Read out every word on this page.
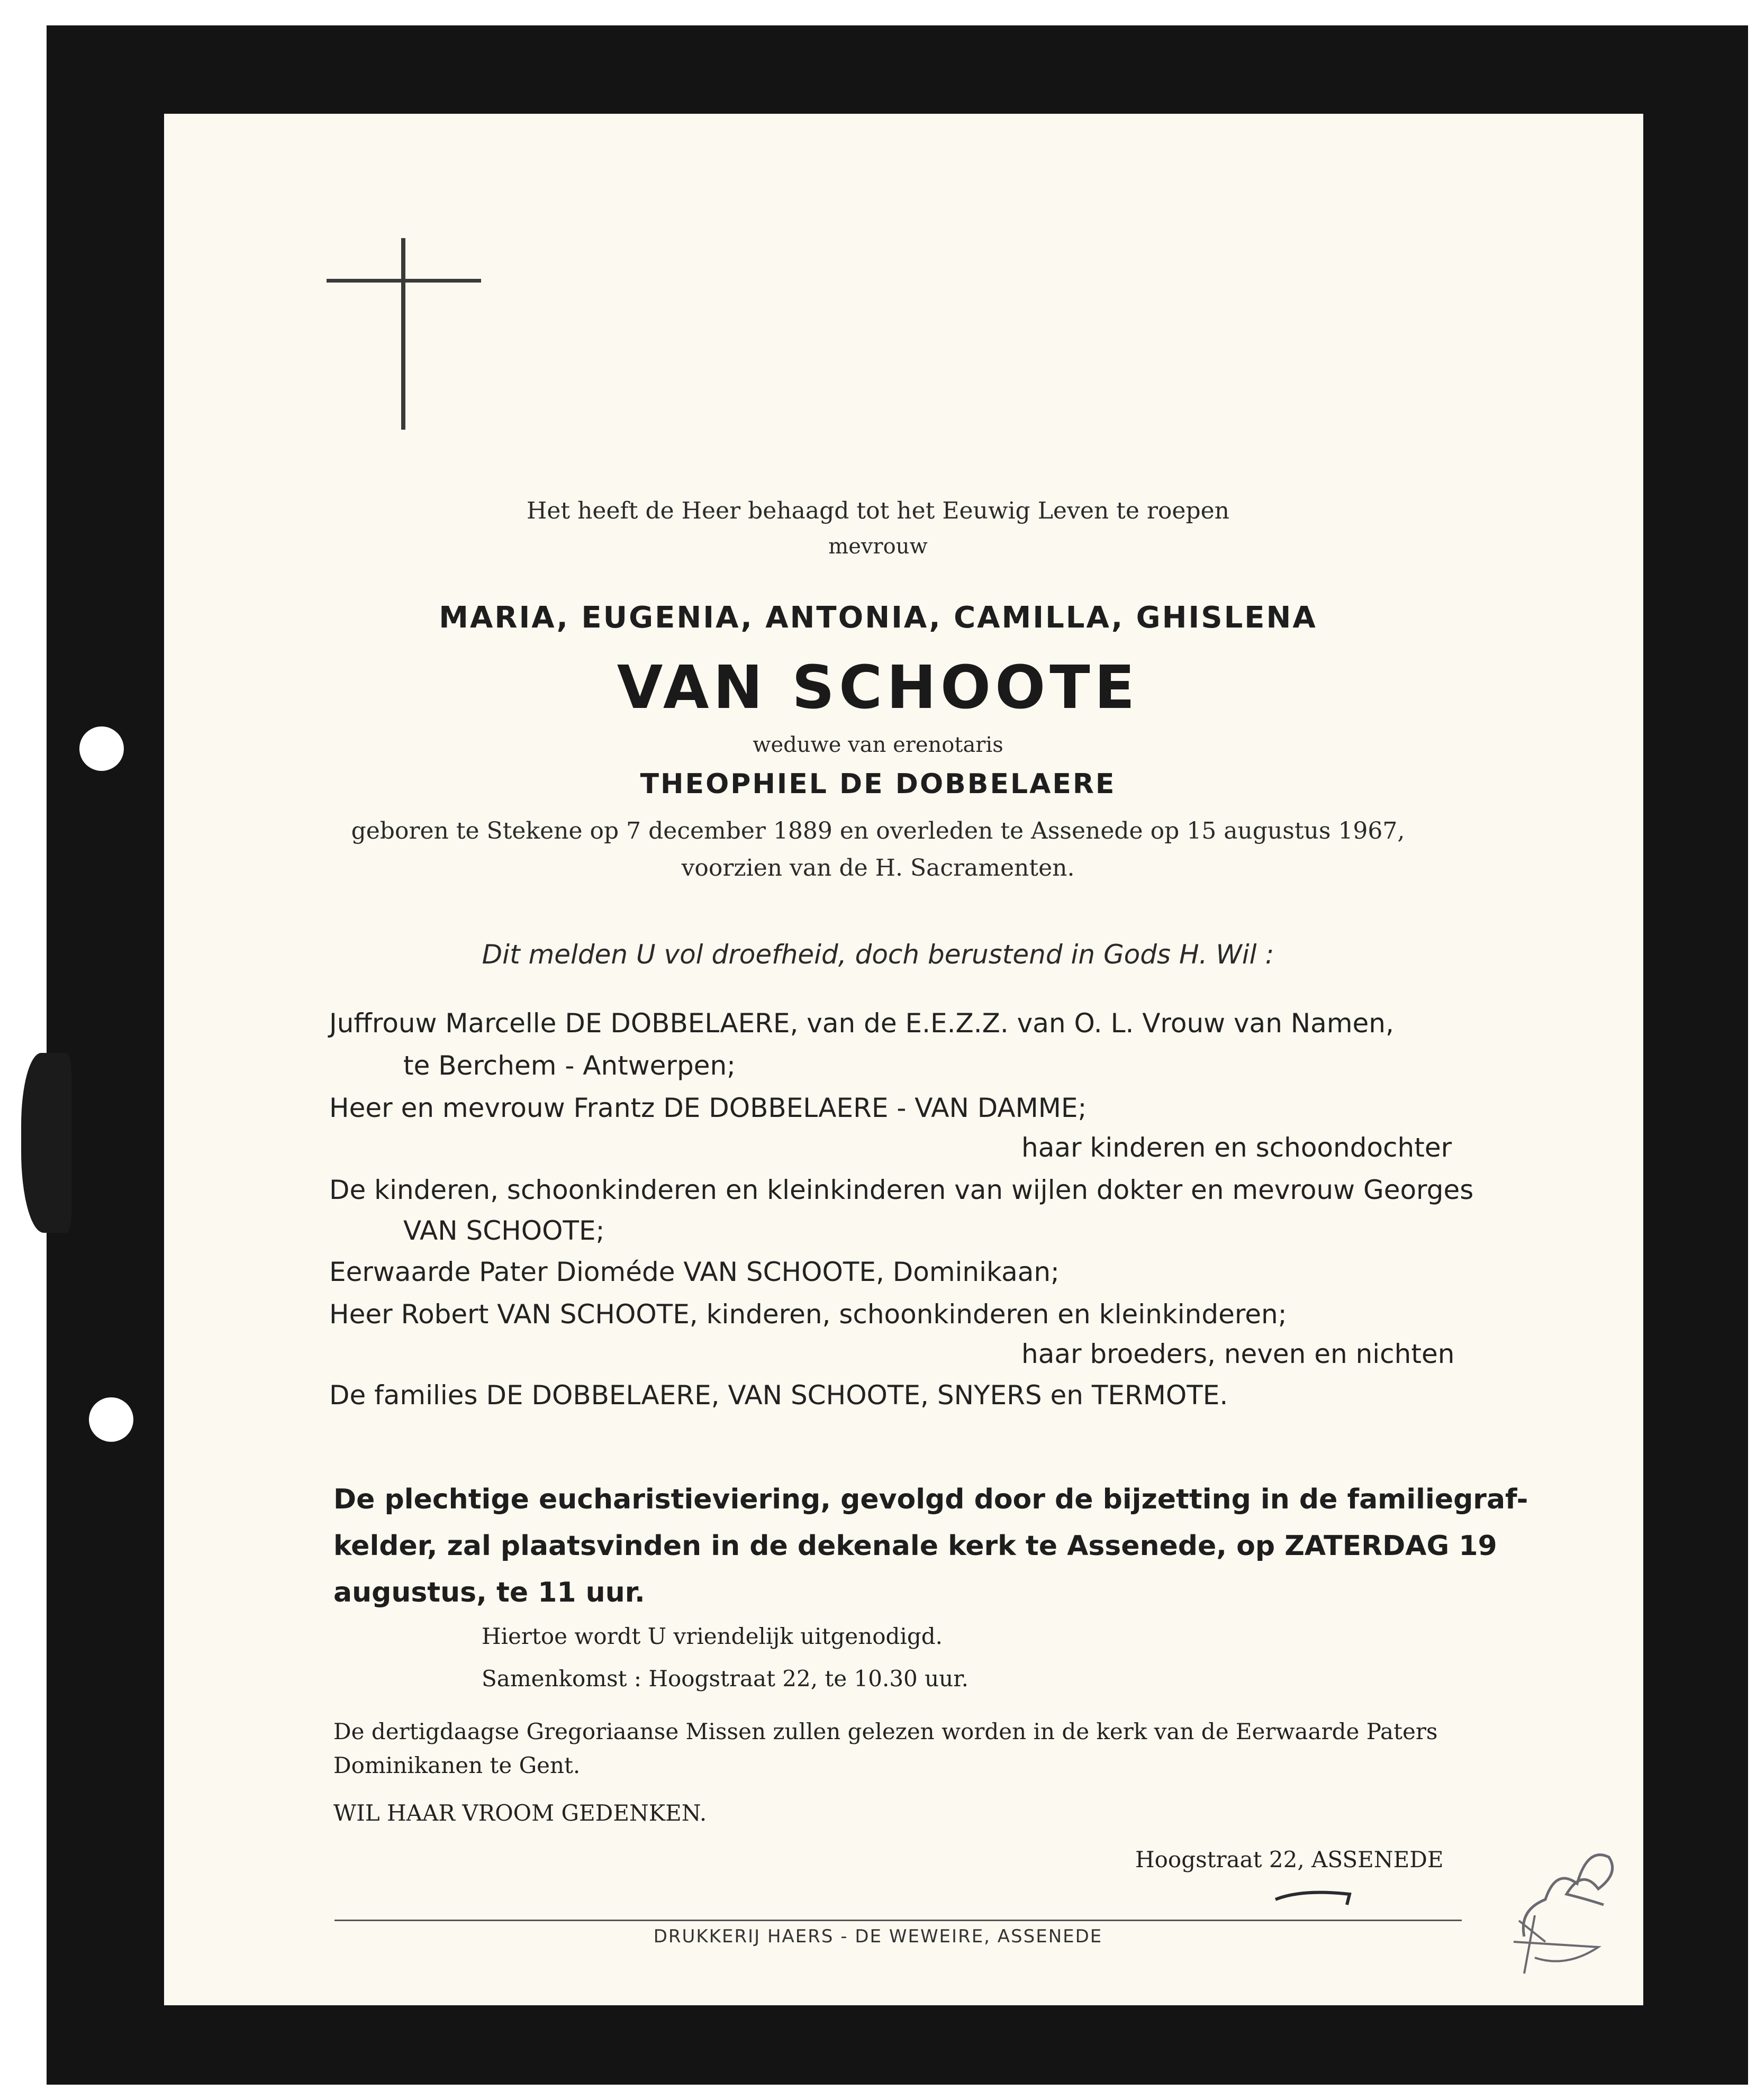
Het heeft de Heer behaagd tot het Eeuwig Leven te roepen
mevrouw
MARIA, EUGENIA, ANTONIA, CAMILLA, GHISLENA
VAN SCHOOTE
weduwe van erenotaris
THEOPHIEL DE DOBBELAERE
geboren te Stekene op 7 december 1889 en overleden te Assenede op 15 augustus 1967,
voorzien van de H. Sacramenten.
Dit melden U vol droefheid, doch berustend in Gods H. Wil :
Juffrouw Marcelle DE DOBBELAERE, van de E.E.Z.Z. van O. L. Vrouw van Namen,
te Berchem - Antwerpen;
Heer en mevrouw Frantz DE DOBBELAERE - VAN DAMME;
haar kinderen en schoondochter
De kinderen, schoonkinderen en kleinkinderen van wijlen dokter en mevrouw Georges
VAN SCHOOTE;
Eerwaarde Pater Dioméde VAN SCHOOTE, Dominikaan;
Heer Robert VAN SCHOOTE, kinderen, schoonkinderen en kleinkinderen;
haar broeders, neven en nichten
De families DE DOBBELAERE, VAN SCHOOTE, SNYERS en TERMOTE.
De plechtige eucharistieviering, gevolgd door de bijzetting in de familiegraf-
kelder, zal plaatsvinden in de dekenale kerk te Assenede, op ZATERDAG 19
augustus, te 11 uur.
Hiertoe wordt U vriendelijk uitgenodigd.
Samenkomst : Hoogstraat 22, te 10.30 uur.
De dertigdaagse Gregoriaanse Missen zullen gelezen worden in de kerk van de Eerwaarde Paters
Dominikanen te Gent.
WIL HAAR VROOM GEDENKEN.
Hoogstraat 22, ASSENEDE
DRUKKERIJ HAERS - DE WEWEIRE, ASSENEDE
